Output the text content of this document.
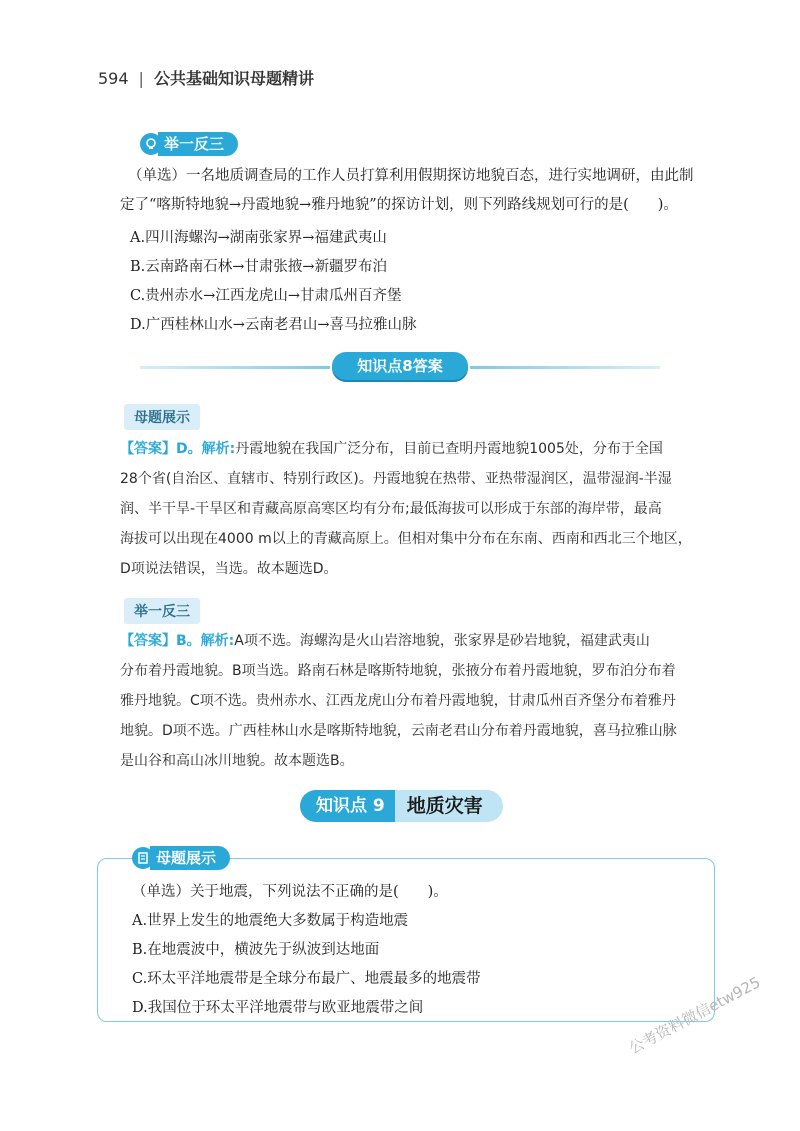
594 | 公共基础知识母题精讲
举一反三
（单选）一名地质调查局的工作人员打算利用假期探访地貌百态，进行实地调研，由此制
定了“喀斯特地貌→丹霞地貌→雅丹地貌”的探访计划，则下列路线规划可行的是(　　)。
A.四川海螺沟→湖南张家界→福建武夷山
B.云南路南石林→甘肃张掖→新疆罗布泊
C.贵州赤水→江西龙虎山→甘肃瓜州百齐堡
D.广西桂林山水→云南老君山→喜马拉雅山脉
知识点8答案
母题展示
【答案】D。解析:丹霞地貌在我国广泛分布，目前已查明丹霞地貌1005处，分布于全国
28个省(自治区、直辖市、特别行政区)。丹霞地貌在热带、亚热带湿润区，温带湿润-半湿
润、半干旱-干旱区和青藏高原高寒区均有分布;最低海拔可以形成于东部的海岸带，最高
海拔可以出现在4000 m以上的青藏高原上。但相对集中分布在东南、西南和西北三个地区，
D项说法错误，当选。故本题选D。
举一反三
【答案】B。解析:A项不选。海螺沟是火山岩溶地貌，张家界是砂岩地貌，福建武夷山
分布着丹霞地貌。B项当选。路南石林是喀斯特地貌，张掖分布着丹霞地貌，罗布泊分布着
雅丹地貌。C项不选。贵州赤水、江西龙虎山分布着丹霞地貌，甘肃瓜州百齐堡分布着雅丹
地貌。D项不选。广西桂林山水是喀斯特地貌，云南老君山分布着丹霞地貌，喜马拉雅山脉
是山谷和高山冰川地貌。故本题选B。
知识点 9	地质灾害
母题展示
（单选）关于地震，下列说法不正确的是(　　)。
A.世界上发生的地震绝大多数属于构造地震
B.在地震波中，横波先于纵波到达地面
C.环太平洋地震带是全球分布最广、地震最多的地震带
D.我国位于环太平洋地震带与欧亚地震带之间	公考资料微信etw925
